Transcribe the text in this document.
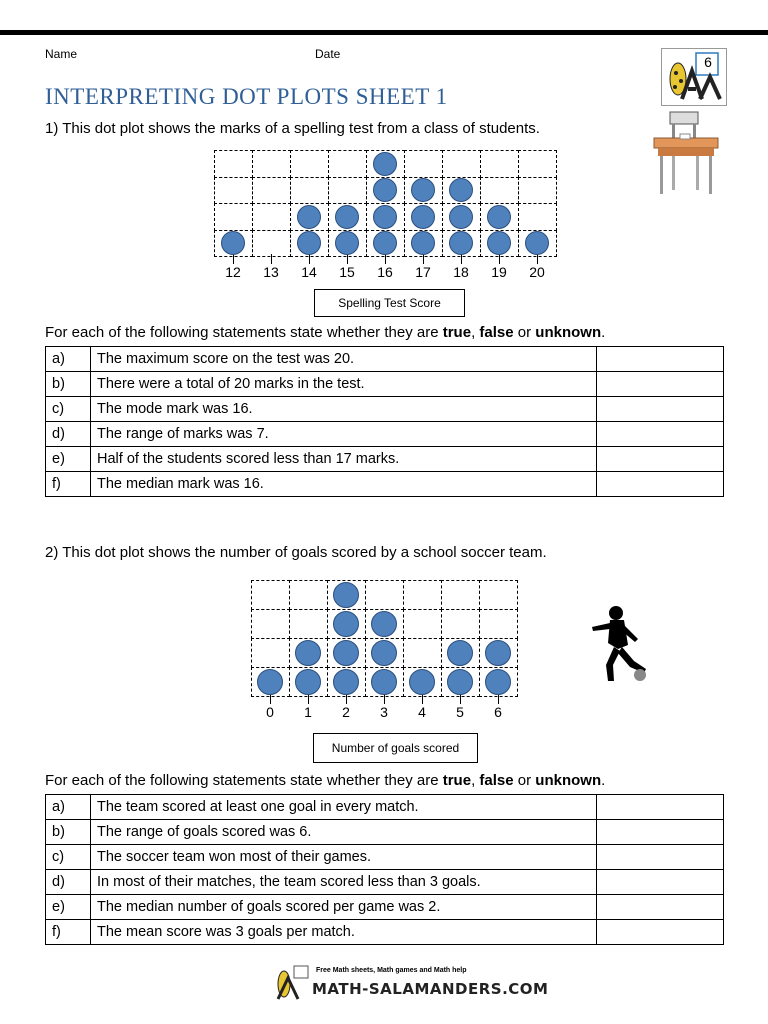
Name	Date	6
INTERPRETING DOT PLOTS SHEET 1
1) This dot plot shows the marks of a spelling test from a class of students.
12	13	14	15	16	17	18	19	20
Spelling Test Score
For each of the following statements state whether they are true, false or unknown.
a)	The maximum score on the test was 20.	
b)	There were a total of 20 marks in the test.	
c)	The mode mark was 16.	
d)	The range of marks was 7.	
e)	Half of the students scored less than 17 marks.	
f)	The median mark was 16.	
2) This dot plot shows the number of goals scored by a school soccer team.
0	1	2	3	4	5	6
Number of goals scored
For each of the following statements state whether they are true, false or unknown.
a)	The team scored at least one goal in every match.	
b)	The range of goals scored was 6.	
c)	The soccer team won most of their games.	
d)	In most of their matches, the team scored less than 3 goals.	
e)	The median number of goals scored per game was 2.	
f)	The mean score was 3 goals per match.	
Free Math sheets, Math games and Math help
MATH-SALAMANDERS.COM
